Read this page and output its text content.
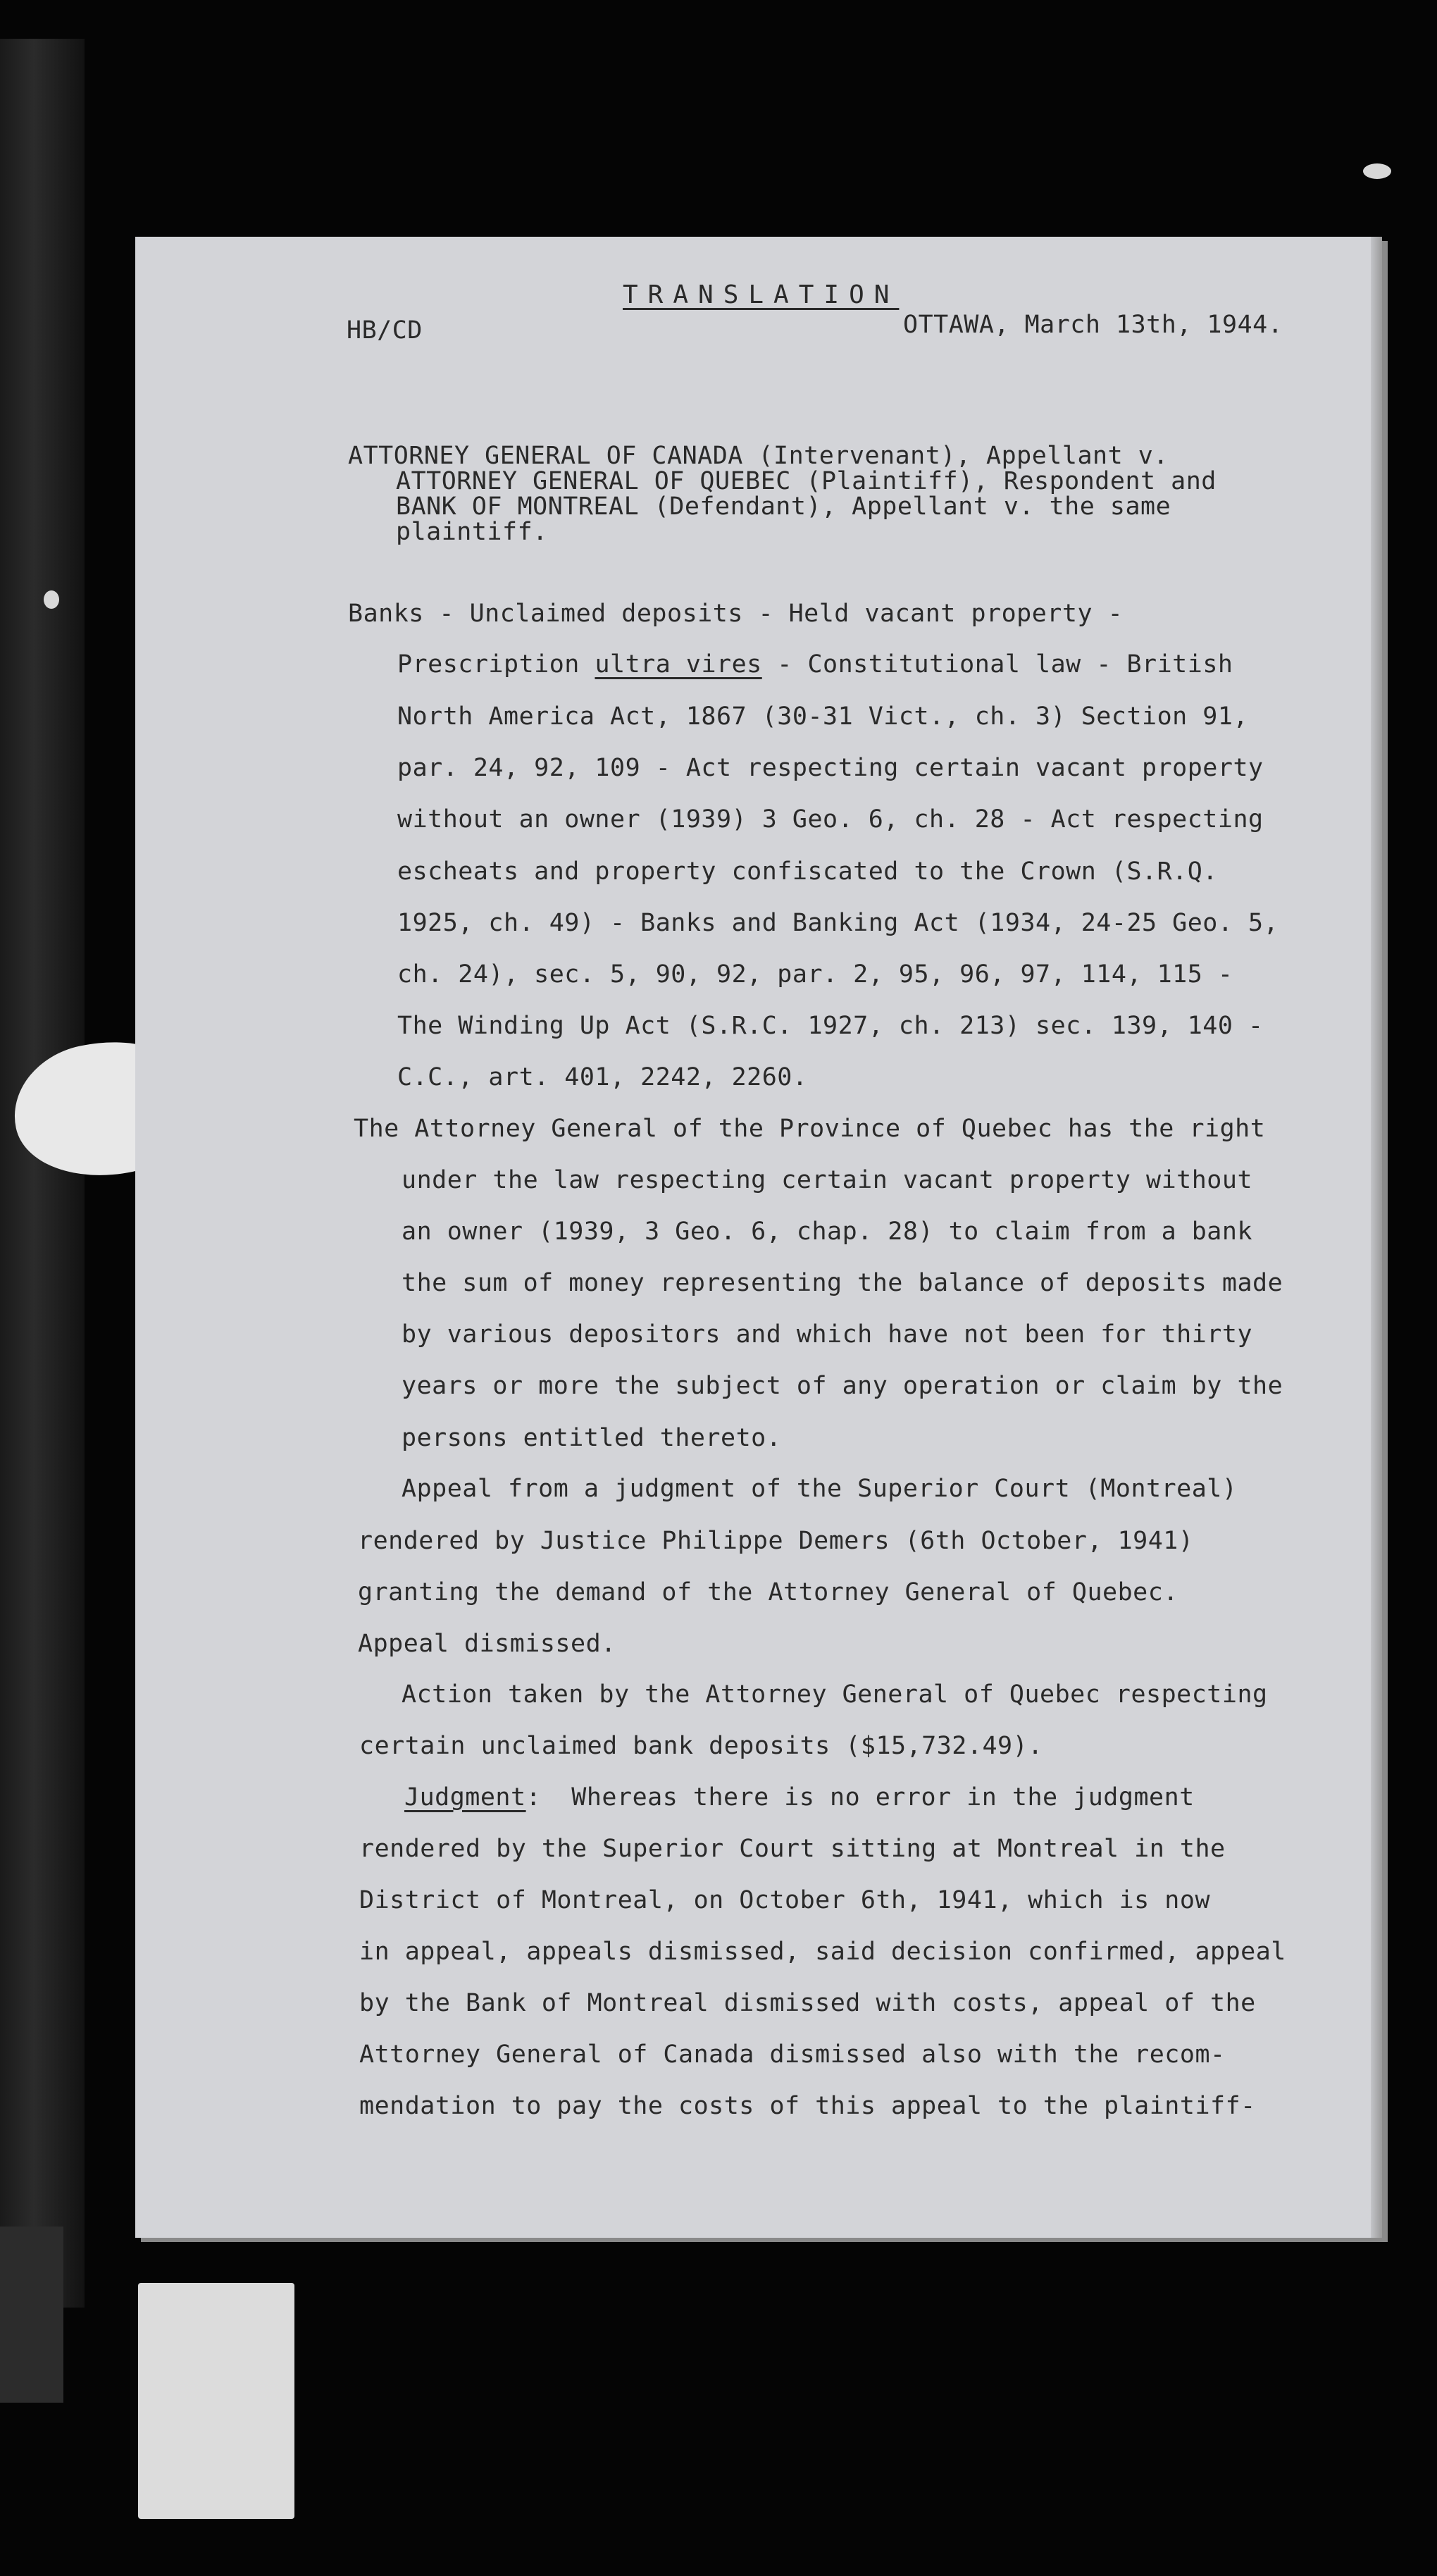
TRANSLATION
HB/CD	OTTAWA, March 13th, 1944.
ATTORNEY GENERAL OF CANADA (Intervenant), Appellant v.
ATTORNEY GENERAL OF QUEBEC (Plaintiff), Respondent and
BANK OF MONTREAL (Defendant), Appellant v. the same
plaintiff.
Banks - Unclaimed deposits - Held vacant property -
Prescription ultra vires - Constitutional law - British
North America Act, 1867 (30-31 Vict., ch. 3) Section 91,
par. 24, 92, 109 - Act respecting certain vacant property
without an owner (1939) 3 Geo. 6, ch. 28 - Act respecting
escheats and property confiscated to the Crown (S.R.Q.
1925, ch. 49) - Banks and Banking Act (1934, 24-25 Geo. 5,
ch. 24), sec. 5, 90, 92, par. 2, 95, 96, 97, 114, 115 -
The Winding Up Act (S.R.C. 1927, ch. 213) sec. 139, 140 -
C.C., art. 401, 2242, 2260.
The Attorney General of the Province of Quebec has the right
under the law respecting certain vacant property without
an owner (1939, 3 Geo. 6, chap. 28) to claim from a bank
the sum of money representing the balance of deposits made
by various depositors and which have not been for thirty
years or more the subject of any operation or claim by the
persons entitled thereto.
Appeal from a judgment of the Superior Court (Montreal)
rendered by Justice Philippe Demers (6th October, 1941)
granting the demand of the Attorney General of Quebec.
Appeal dismissed.
Action taken by the Attorney General of Quebec respecting
certain unclaimed bank deposits ($15,732.49).
Judgment:  Whereas there is no error in the judgment
rendered by the Superior Court sitting at Montreal in the
District of Montreal, on October 6th, 1941, which is now
in appeal, appeals dismissed, said decision confirmed, appeal
by the Bank of Montreal dismissed with costs, appeal of the
Attorney General of Canada dismissed also with the recom-
mendation to pay the costs of this appeal to the plaintiff-
